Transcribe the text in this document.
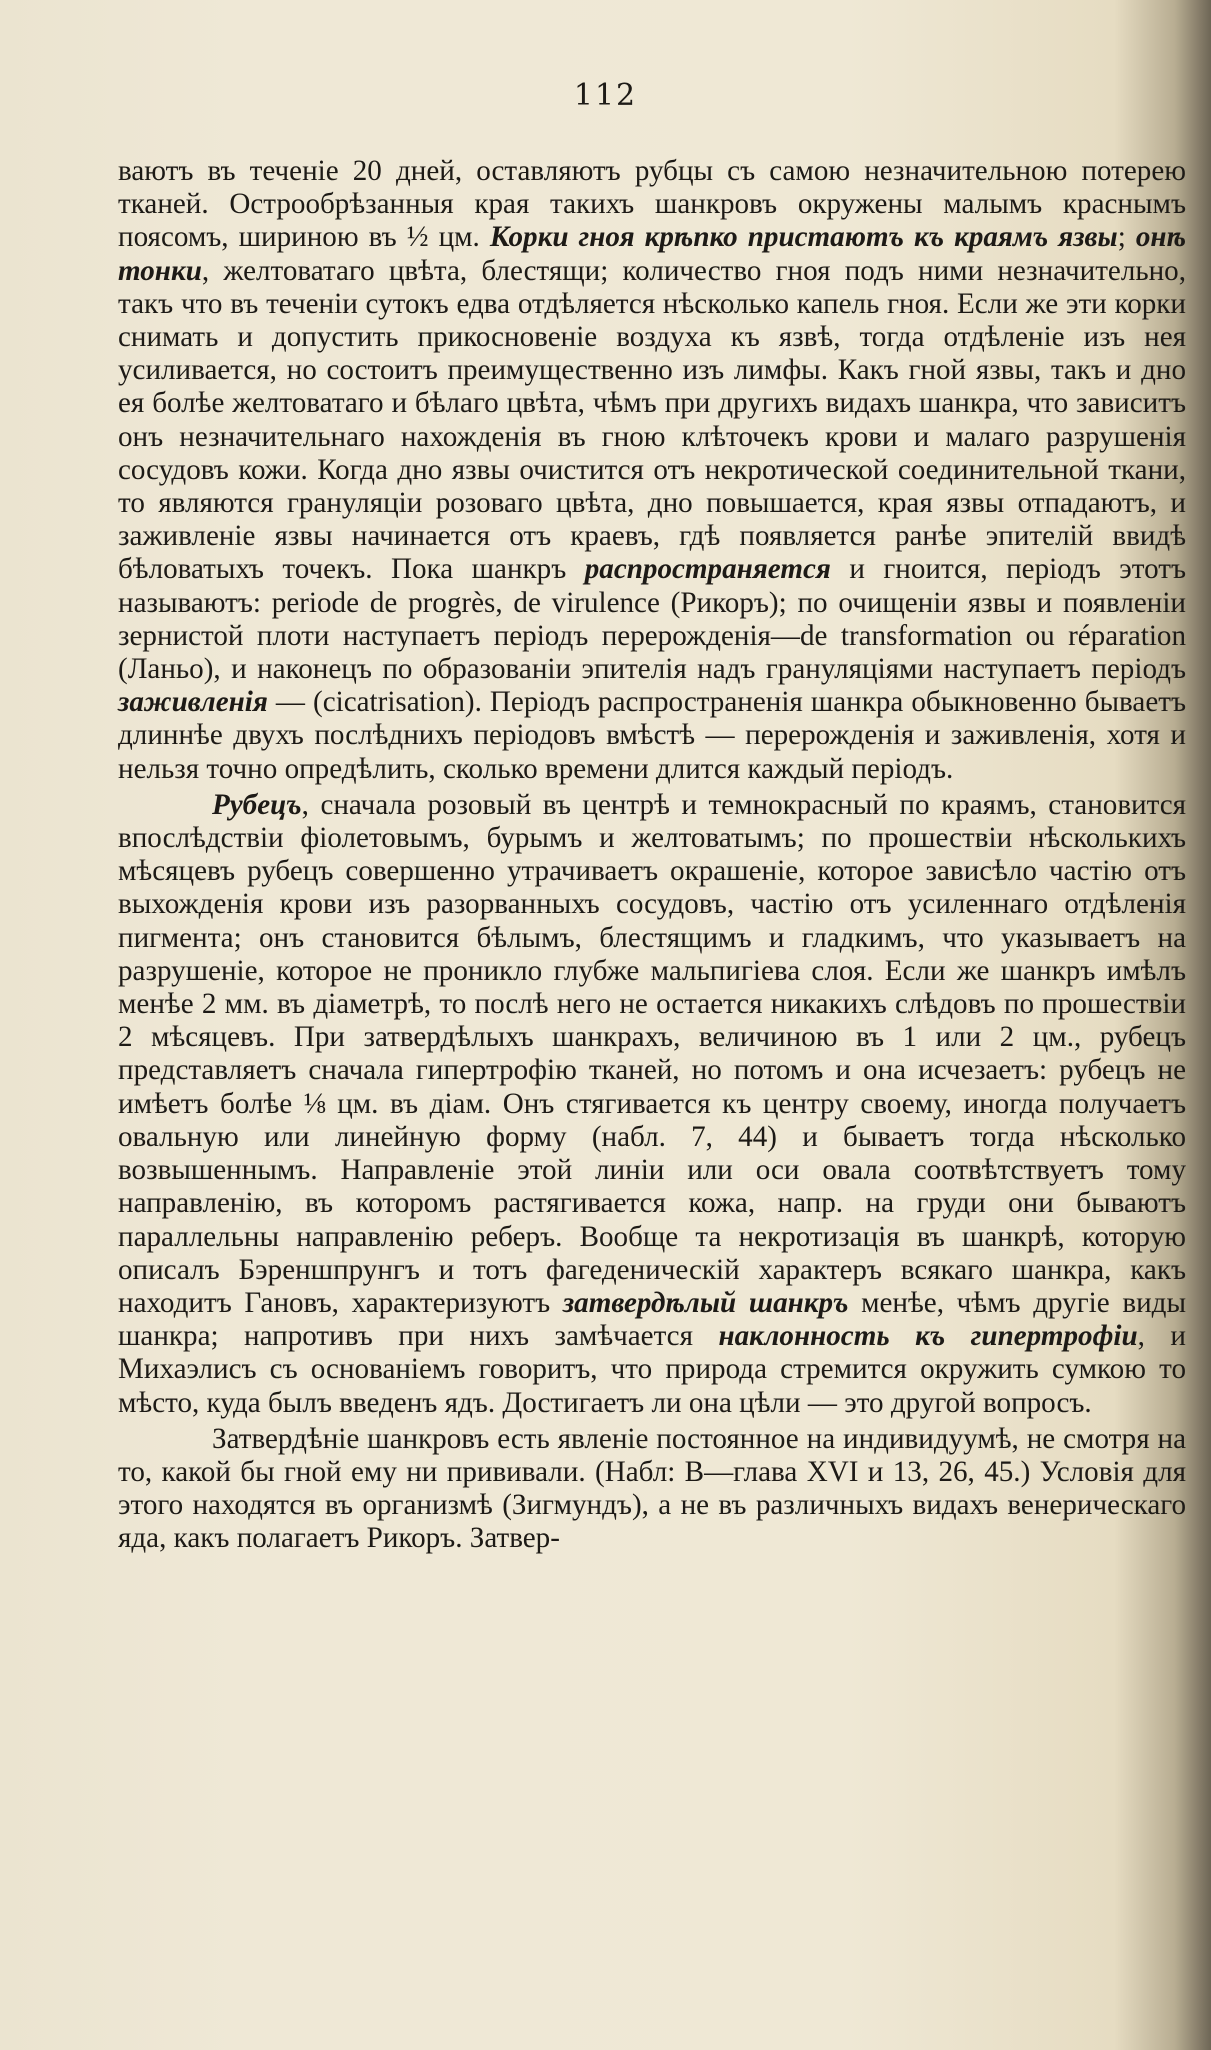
112

ваютъ въ теченіе 20 дней, оставляютъ рубцы съ самою незначительною потерею тканей. Острообрѣзанныя края такихъ шанкровъ окружены малымъ краснымъ поясомъ, шириною въ ½ цм. Корки гноя крѣпко пристаютъ къ краямъ язвы; онѣ тонки, желтоватаго цвѣта, блестящи; количество гноя подъ ними незначительно, такъ что въ теченіи сутокъ едва отдѣляется нѣсколько капель гноя. Если же эти корки снимать и допустить прикосновеніе воздуха къ язвѣ, тогда отдѣленіе изъ нея усиливается, но состоитъ преимущественно изъ лимфы. Какъ гной язвы, такъ и дно ея болѣе желтоватаго и бѣлаго цвѣта, чѣмъ при другихъ видахъ шанкра, что зависитъ онъ незначительнаго нахожденія въ гною клѣточекъ крови и малаго разрушенія сосудовъ кожи. Когда дно язвы очистится отъ некротической соединительной ткани, то являются грануляціи розоваго цвѣта, дно повышается, края язвы отпадаютъ, и заживленіе язвы начинается отъ краевъ, гдѣ появляется ранѣе эпителій ввидѣ бѣловатыхъ точекъ. Пока шанкръ распространяется и гноится, періодъ этотъ называютъ: periode de progrès, de virulence (Рикоръ); по очищеніи язвы и появленіи зернистой плоти наступаетъ періодъ перерожденія—de transformation ou réparation (Ланьо), и наконецъ по образованіи эпителія надъ грануляціями наступаетъ періодъ заживленія — (cicatrisation). Періодъ распространенія шанкра обыкновенно бываетъ длиннѣе двухъ послѣднихъ періодовъ вмѣстѣ — перерожденія и заживленія, хотя и нельзя точно опредѣлить, сколько времени длится каждый періодъ.

Рубецъ, сначала розовый въ центрѣ и темнокрасный по краямъ, становится впослѣдствіи фіолетовымъ, бурымъ и желтоватымъ; по прошествіи нѣсколькихъ мѣсяцевъ рубецъ совершенно утрачиваетъ окрашеніе, которое зависѣло частію отъ выхожденія крови изъ разорванныхъ сосудовъ, частію отъ усиленнаго отдѣленія пигмента; онъ становится бѣлымъ, блестящимъ и гладкимъ, что указываетъ на разрушеніе, которое не проникло глубже мальпигіева слоя. Если же шанкръ имѣлъ менѣе 2 мм. въ діаметрѣ, то послѣ него не остается никакихъ слѣдовъ по прошествіи 2 мѣсяцевъ. При затвердѣлыхъ шанкрахъ, величиною въ 1 или 2 цм., рубецъ представляетъ сначала гипертрофію тканей, но потомъ и она исчезаетъ: рубецъ не имѣетъ болѣе ⅛ цм. въ діам. Онъ стягивается къ центру своему, иногда получаетъ овальную или линейную форму (набл. 7, 44) и бываетъ тогда нѣсколько возвышеннымъ. Направленіе этой линіи или оси овала соотвѣтствуетъ тому направленію, въ которомъ растягивается кожа, напр. на груди они бываютъ параллельны направленію реберъ. Вообще та некротизація въ шанкрѣ, которую описалъ Бэреншпрунгъ и тотъ фагеденическій характеръ всякаго шанкра, какъ находитъ Гановъ, характеризуютъ затвердѣлый шанкръ менѣе, чѣмъ другіе виды шанкра; напротивъ при нихъ замѣчается наклонность къ гипертрофіи, и Михаэлисъ съ основаніемъ говоритъ, что природа стремится окружить сумкою то мѣсто, куда былъ введенъ ядъ. Достигаетъ ли она цѣли — это другой вопросъ.

Затвердѣніе шанкровъ есть явленіе постоянное на индивидуумѣ, не смотря на то, какой бы гной ему ни прививали. (Набл: В—глава XVI и 13, 26, 45.) Условія для этого находятся въ организмѣ (Зигмундъ), а не въ различныхъ видахъ венерическаго яда, какъ полагаетъ Рикоръ. Затвер-
